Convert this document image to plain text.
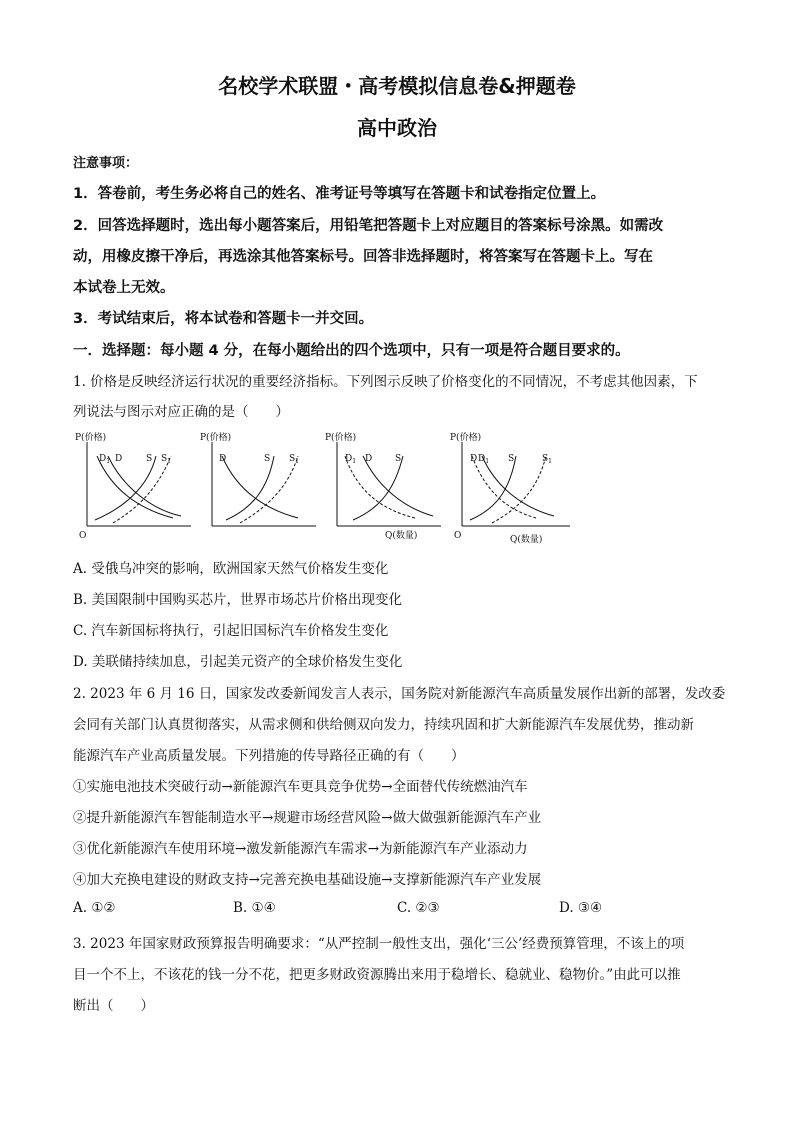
名校学术联盟・高考模拟信息卷&押题卷
高中政治
注意事项：
1．答卷前，考生务必将自己的姓名、准考证号等填写在答题卡和试卷指定位置上。
2．回答选择题时，选出每小题答案后，用铅笔把答题卡上对应题目的答案标号涂黑。如需改
动，用橡皮擦干净后，再选涂其他答案标号。回答非选择题时，将答案写在答题卡上。写在
本试卷上无效。
3．考试结束后，将本试卷和答题卡一并交回。
一．选择题：每小题 4 分，在每小题给出的四个选项中，只有一项是符合题目要求的。
1. 价格是反映经济运行状况的重要经济指标。下列图示反映了价格变化的不同情况，不考虑其他因素，下
列说法与图示对应正确的是（　　）
P(价格)
$D_1$ D	S $S_1$
O

P(价格)
D	S $S_1$

P(价格)
$D_1$ D	S
Q(数量)

P(价格)
D $D_1$ S	$S_1$
O	Q(数量)
A. 受俄乌冲突的影响，欧洲国家天然气价格发生变化
B. 美国限制中国购买芯片，世界市场芯片价格出现变化
C. 汽车新国标将执行，引起旧国标汽车价格发生变化
D. 美联储持续加息，引起美元资产的全球价格发生变化
2. 2023 年 6 月 16 日，国家发改委新闻发言人表示，国务院对新能源汽车高质量发展作出新的部署，发改委
会同有关部门认真贯彻落实，从需求侧和供给侧双向发力，持续巩固和扩大新能源汽车发展优势，推动新
能源汽车产业高质量发展。下列措施的传导路径正确的有（　　）
①实施电池技术突破行动→新能源汽车更具竞争优势→全面替代传统燃油汽车
②提升新能源汽车智能制造水平→规避市场经营风险→做大做强新能源汽车产业
③优化新能源汽车使用环境→激发新能源汽车需求→为新能源汽车产业添动力
④加大充换电建设的财政支持→完善充换电基础设施→支撑新能源汽车产业发展
A. ①②	B. ①④	C. ②③	D. ③④
3. 2023 年国家财政预算报告明确要求：“从严控制一般性支出，强化‘三公’经费预算管理，不该上的项
目一个不上，不该花的钱一分不花，把更多财政资源腾出来用于稳增长、稳就业、稳物价。”由此可以推
断出（　　）
